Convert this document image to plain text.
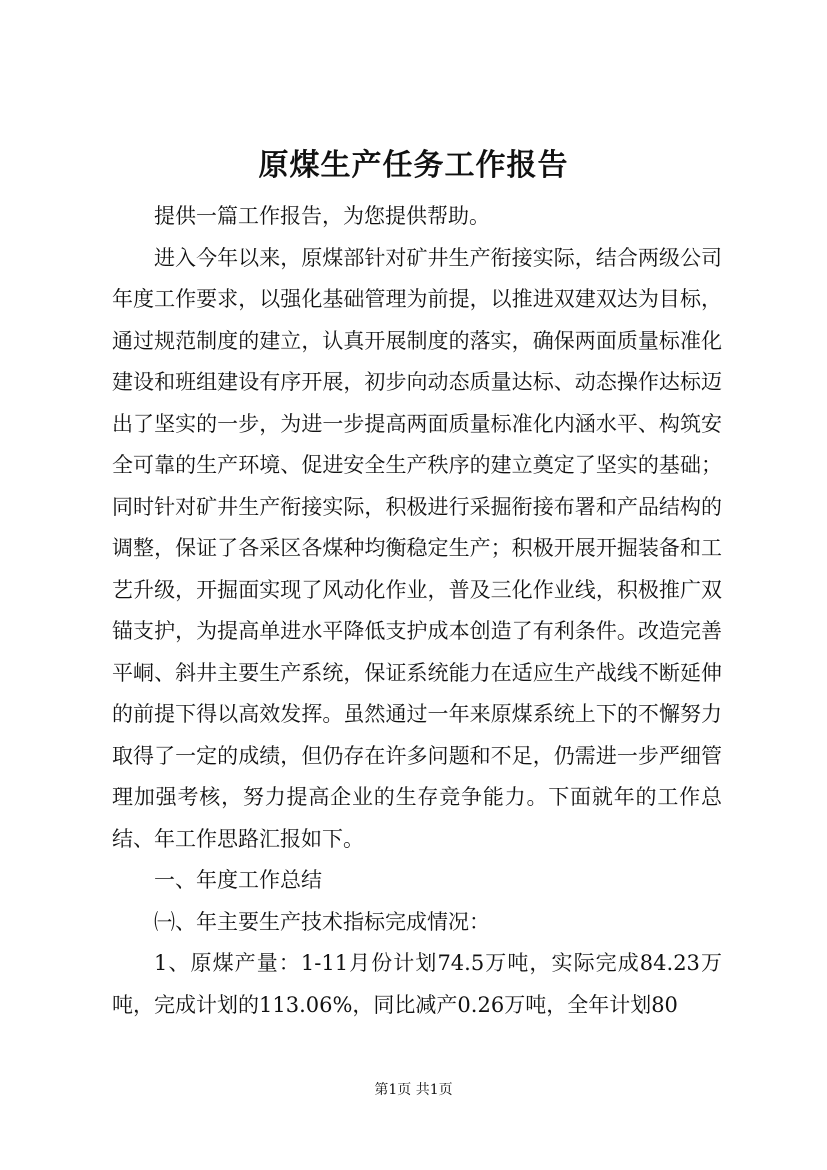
原煤生产任务工作报告

提供一篇工作报告，为您提供帮助。

进入今年以来，原煤部针对矿井生产衔接实际，结合两级公司年度工作要求，以强化基础管理为前提，以推进双建双达为目标，通过规范制度的建立，认真开展制度的落实，确保两面质量标准化建设和班组建设有序开展，初步向动态质量达标、动态操作达标迈出了坚实的一步，为进一步提高两面质量标准化内涵水平、构筑安全可靠的生产环境、促进安全生产秩序的建立奠定了坚实的基础；同时针对矿井生产衔接实际，积极进行采掘衔接布署和产品结构的调整，保证了各采区各煤种均衡稳定生产；积极开展开掘装备和工艺升级，开掘面实现了风动化作业，普及三化作业线，积极推广双锚支护，为提高单进水平降低支护成本创造了有利条件。改造完善平峒、斜井主要生产系统，保证系统能力在适应生产战线不断延伸的前提下得以高效发挥。虽然通过一年来原煤系统上下的不懈努力取得了一定的成绩，但仍存在许多问题和不足，仍需进一步严细管理加强考核，努力提高企业的生存竞争能力。下面就年的工作总结、年工作思路汇报如下。

一、年度工作总结

㈠、年主要生产技术指标完成情况：

1、原煤产量：1-11月份计划74.5万吨，实际完成84.23万吨，完成计划的113.06%，同比减产0.26万吨，全年计划80

第1页 共1页
